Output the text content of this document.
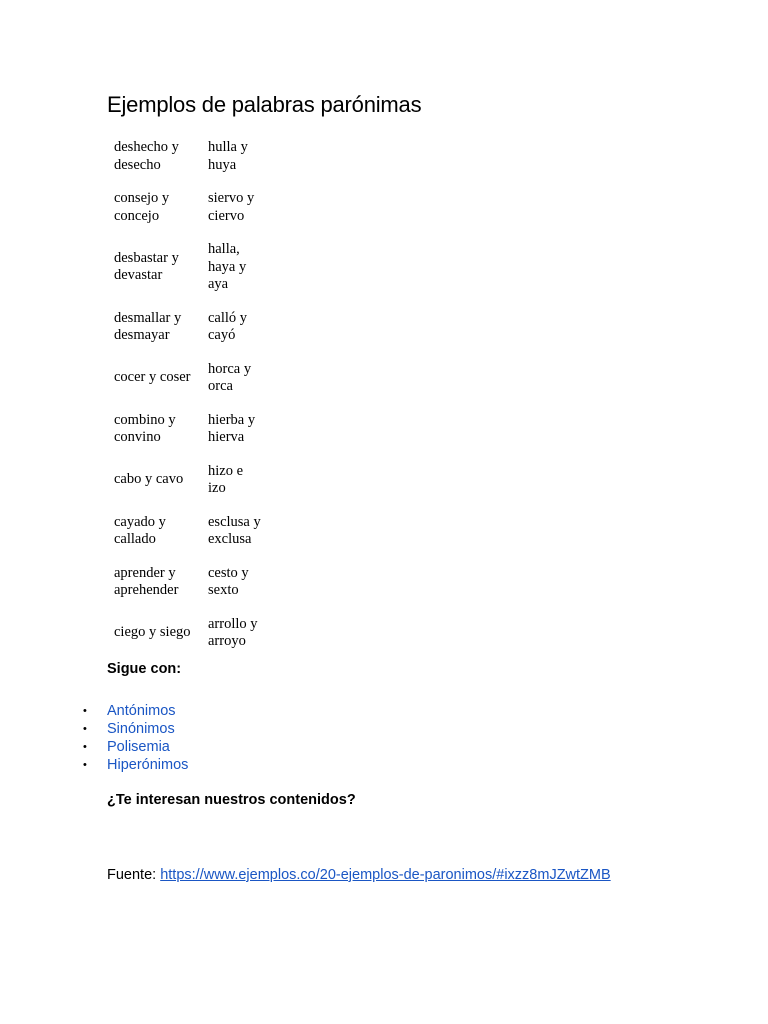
Ejemplos de palabras parónimas
deshecho y desecho	hulla y huya
consejo y concejo	siervo y ciervo
desbastar y devastar	halla, haya y aya
desmallar y desmayar	calló y cayó
cocer y coser	horca y orca
combino y convino	hierba y hierva
cabo y cavo	hizo e izo
cayado y callado	esclusa y exclusa
aprender y aprehender	cesto y sexto
ciego y siego	arrollo y arroyo

Sigue con:

• Antónimos
• Sinónimos
• Polisemia
• Hiperónimos

¿Te interesan nuestros contenidos?

Fuente: https://www.ejemplos.co/20-ejemplos-de-paronimos/#ixzz8mJZwtZMB
